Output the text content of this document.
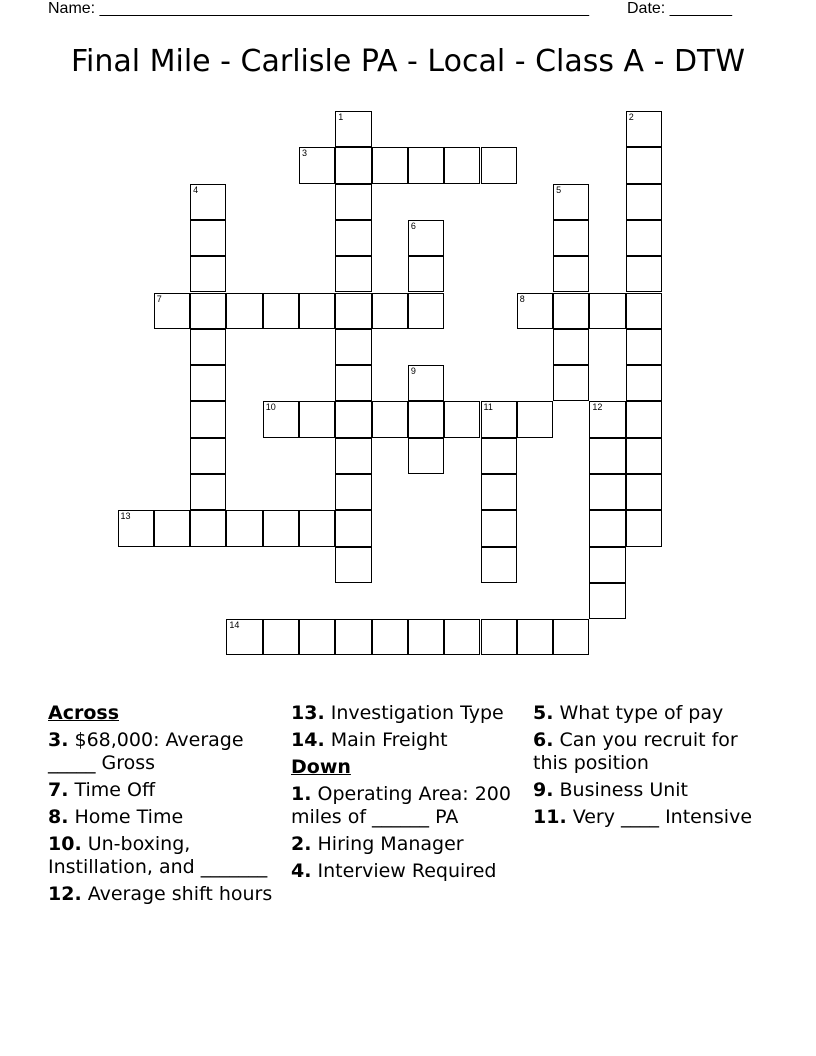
Name: _______________________________________________________ Date: _______
Final Mile - Carlisle PA - Local - Class A - DTW
1	2
3
4	5
6
7	8
9
10	11	12
13
14
Across
3. $68,000: Average _____ Gross
7. Time Off
8. Home Time
10. Un-boxing, Instillation, and _______
12. Average shift hours
13. Investigation Type
14. Main Freight
Down
1. Operating Area: 200 miles of ______ PA
2. Hiring Manager
4. Interview Required
5. What type of pay
6. Can you recruit for this position
9. Business Unit
11. Very ____ Intensive
